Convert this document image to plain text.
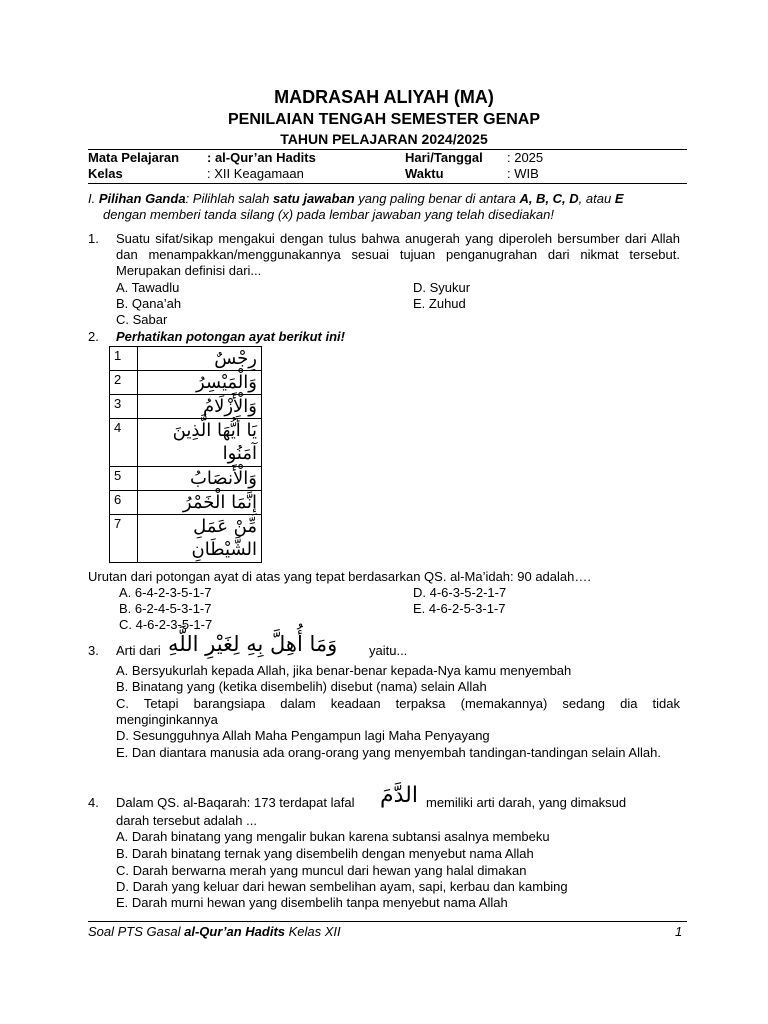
MADRASAH ALIYAH (MA)
PENILAIAN TENGAH SEMESTER GENAP
TAHUN PELAJARAN 2024/2025
Mata Pelajaran : al-Qur’an Hadits	Hari/Tanggal : 2025
Kelas	: XII Keagamaan	Waktu	: WIB
I. Pilihan Ganda: Pilihlah salah satu jawaban yang paling benar di antara A, B, C, D, atau E
dengan memberi tanda silang (x) pada lembar jawaban yang telah disediakan!
1. Suatu sifat/sikap mengakui dengan tulus bahwa anugerah yang diperoleh bersumber dari Allah dan menampakkan/menggunakannya sesuai tujuan penganugrahan dari nikmat tersebut. Merupakan definisi dari...
A. Tawadlu
B. Qana’ah
C. Sabar
D. Syukur
E. Zuhud
2. Perhatikan potongan ayat berikut ini!
1	رِجْسٌ
2	وَالْمَيْسِرُ
3	وَالْأَزْلَامُ
4	يَا أَيُّهَا الَّذِينَ آمَنُوا
5	وَالْأَنصَابُ
6	إِنَّمَا الْخَمْرُ
7	مِّنْ عَمَلِ الشَّيْطَانِ
Urutan dari potongan ayat di atas yang tepat berdasarkan QS. al-Ma’idah: 90 adalah….
A. 6-4-2-3-5-1-7
B. 6-2-4-5-3-1-7
C. 4-6-2-3-5-1-7
D. 4-6-3-5-2-1-7
E. 4-6-2-5-3-1-7
3. Arti dari وَمَا أُهِلَّ بِهِ لِغَيْرِ اللَّهِ yaitu...
A. Bersyukurlah kepada Allah, jika benar-benar kepada-Nya kamu menyembah
B. Binatang yang (ketika disembelih) disebut (nama) selain Allah
C. Tetapi barangsiapa dalam keadaan terpaksa (memakannya) sedang dia tidak menginginkannya
D. Sesungguhnya Allah Maha Pengampun lagi Maha Penyayang
E. Dan diantara manusia ada orang-orang yang menyembah tandingan-tandingan selain Allah.
4. Dalam QS. al-Baqarah: 173 terdapat lafal الدَّمَ memiliki arti darah, yang dimaksud
darah tersebut adalah ...
A. Darah binatang yang mengalir bukan karena subtansi asalnya membeku
B. Darah binatang ternak yang disembelih dengan menyebut nama Allah
C. Darah berwarna merah yang muncul dari hewan yang halal dimakan
D. Darah yang keluar dari hewan sembelihan ayam, sapi, kerbau dan kambing
E. Darah murni hewan yang disembelih tanpa menyebut nama Allah
Soal PTS Gasal al-Qur’an Hadits Kelas XII	1
